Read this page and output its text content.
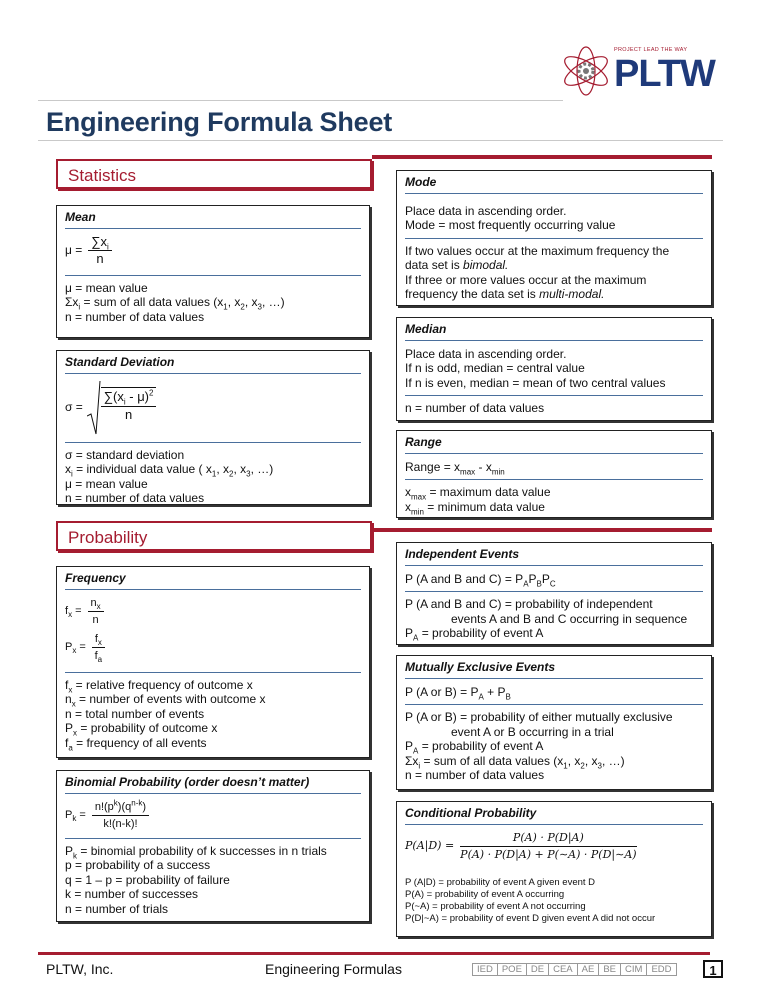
PROJECT LEAD THE WAY
PLTW
Engineering Formula Sheet
Statistics
Mean
$\mu = \frac{\sum x_i}{n}$

μ = mean value

$\Sigma x_i$ = sum of all data values ($x_1$, $x_2$, $x_3$, …)

n = number of data values

Standard Deviation
$\sigma = \frac{\sum(x_i - \mu)^2}{n}$

σ = standard deviation

$x_i$ = individual data value ( $x_1$, $x_2$, $x_3$, …)

μ = mean value

n = number of data values

Mode

Place data in ascending order.

Mode = most frequently occurring value

If two values occur at the maximum frequency the

data set is bimodal.

If three or more values occur at the maximum

frequency the data set is multi-modal.

Median

Place data in ascending order.

If n is odd, median = central value

If n is even, median = mean of two central values

n = number of data values

Range

Range = $x_{max} - x_{min}$

$x_{max}$ = maximum data value

$x_{min}$ = minimum data value

Probability
Frequency
$f_x = \frac{n_x}{n}$
$P_x = \frac{f_x}{f_a}$

$f_x$ = relative frequency of outcome x

$n_x$ = number of events with outcome x

n = total number of events

$P_x$ = probability of outcome x

$f_a$ = frequency of all events

Binomial Probability (order doesn’t matter)
$P_k = \frac{n!(p^k)(q^{n-k})}{k!(n-k)!}$

$P_k$ = binomial probability of k successes in n trials

p = probability of a success

q = 1 – p = probability of failure

k = number of successes

n = number of trials

Independent Events

P (A and B and $C) = P_AP_BP_C$

P (A and B and C) = probability of independent

events A and B and C occurring in sequence

$P_A$ = probability of event A

Mutually Exclusive Events

P (A or $B) = P_A + P_B$

P (A or B) = probability of either mutually exclusive

event A or B occurring in a trial

$P_A$ = probability of event A

$\Sigma x_i$ = sum of all data values ($x_1$, $x_2$, $x_3$, …)

n = number of data values

Conditional Probability
$P(A|D) = \frac{P(A) \cdot P(D|A)}{P(A) \cdot P(D|A) + P(\sim A) \cdot P(D|\sim A)}$

P (A|D) = probability of event A given event D

P(A) = probability of event A occurring

P(~A) = probability of event A not occurring

P(D|~A) = probability of event D given event A did not occur

PLTW, Inc.	Engineering Formulas	IED POE DE CEA AE BE CIM EDD	1
